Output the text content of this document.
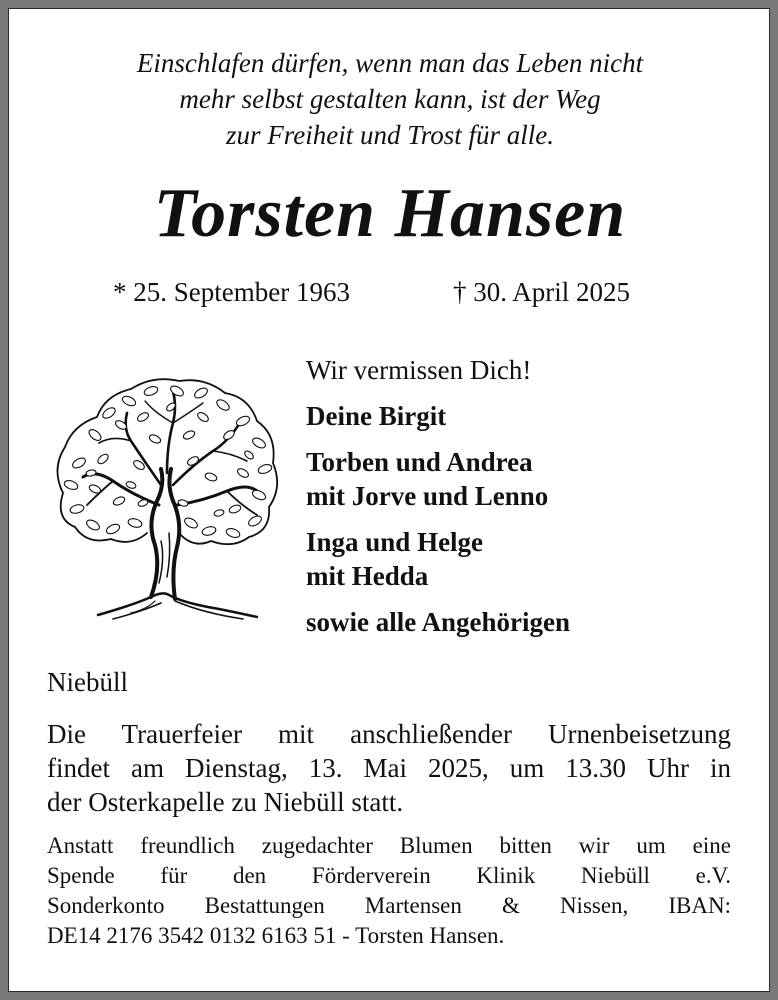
Einschlafen dürfen, wenn man das Leben nicht
mehr selbst gestalten kann, ist der Weg
zur Freiheit und Trost für alle.
Torsten Hansen
* 25. September 1963	† 30. April 2025
Wir vermissen Dich!
Deine Birgit
Torben und Andrea
mit Jorve und Lenno
Inga und Helge
mit Hedda
sowie alle Angehörigen
Niebüll
Die Trauerfeier mit anschließender Urnenbeisetzung
findet am Dienstag, 13. Mai 2025, um 13.30 Uhr in
der Osterkapelle zu Niebüll statt.
Anstatt freundlich zugedachter Blumen bitten wir um eine
Spende für den Förderverein Klinik Niebüll e.V.
Sonderkonto Bestattungen Martensen & Nissen, IBAN:
DE14 2176 3542 0132 6163 51 - Torsten Hansen.
